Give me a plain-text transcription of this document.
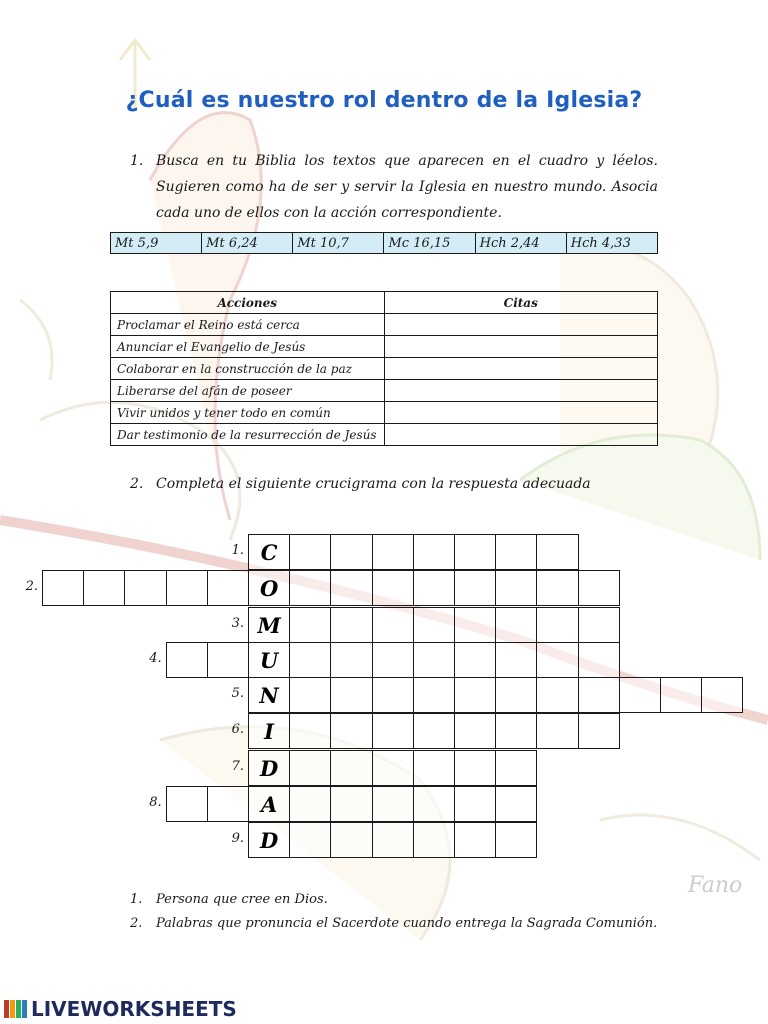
Fano
¿Cuál es nuestro rol dentro de la Iglesia?
1. Busca en tu Biblia los textos que aparecen en el cuadro y léelos. Sugieren como ha de ser y servir la Iglesia en nuestro mundo. Asocia cada uno de ellos con la acción correspondiente.
Mt 5,9	Mt 6,24	Mt 10,7	Mc 16,15	Hch 2,44	Hch 4,33
Acciones	Citas
Proclamar el Reino está cerca	
Anunciar el Evangelio de Jesús	
Colaborar en la construcción de la paz	
Liberarse del afán de poseer	
Vivir unidos y tener todo en común	
Dar testimonio de la resurrección de Jesús	
2. Completa el siguiente crucigrama con la respuesta adecuada
C
1.
O
2.
M
3.
U
4.
N
5.
I
6.
D
7.
A
8.
D
9.
1. Persona que cree en Dios.
2. Palabras que pronuncia el Sacerdote cuando entrega la Sagrada Comunión.
LIVEWORKSHEETS
